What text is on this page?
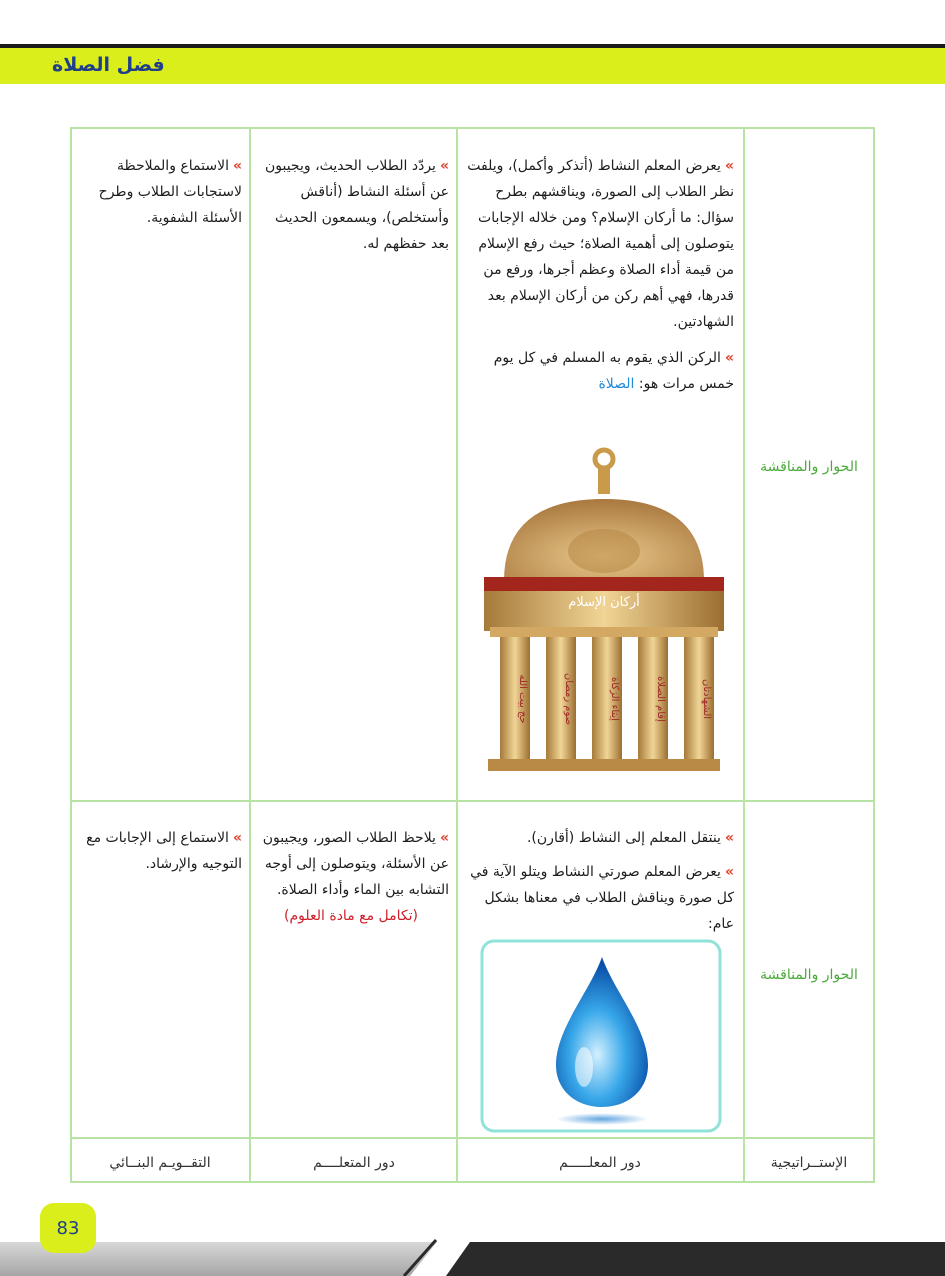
فضل الصلاة
الحوار والمناقشة
»يعرض المعلم النشاط (أتذكر وأكمل)، ويلفت نظر الطلاب إلى الصورة، ويناقشهم بطرح سؤال: ما أركان الإسلام؟ ومن خلاله الإجابات يتوصلون إلى أهمية الصلاة؛ حيث رفع الإسلام من قيمة أداء الصلاة وعظم أجرها، ورفع من قدرها، فهي أهم ركن من أركان الإسلام بعد الشهادتين.
»الركن الذي يقوم به المسلم في كل يوم خمس مرات هو: الصلاة
أركان الإسلام
الشهادتان
إقام الصلاة
إيتاء الزكاة
صوم رمضان
حج بيت الله
»يردّد الطلاب الحديث، ويجيبون عن أسئلة النشاط (أناقش وأستخلص)، ويسمعون الحديث بعد حفظهم له.
»الاستماع والملاحظة لاستجابات الطلاب وطرح الأسئلة الشفوية.
الحوار والمناقشة
»ينتقل المعلم إلى النشاط (أقارن).
»يعرض المعلم صورتي النشاط ويتلو الآية في كل صورة ويناقش الطلاب في معناها بشكل عام:
»يلاحظ الطلاب الصور، ويجيبون عن الأسئلة، ويتوصلون إلى أوجه التشابه بين الماء وأداء الصلاة.
(تكامل مع مادة العلوم)
»الاستماع إلى الإجابات مع التوجيه والإرشاد.
الإستــراتيجية
دور المعلـــــم
دور المتعلــــم
التقــويـم البنــائي
83
